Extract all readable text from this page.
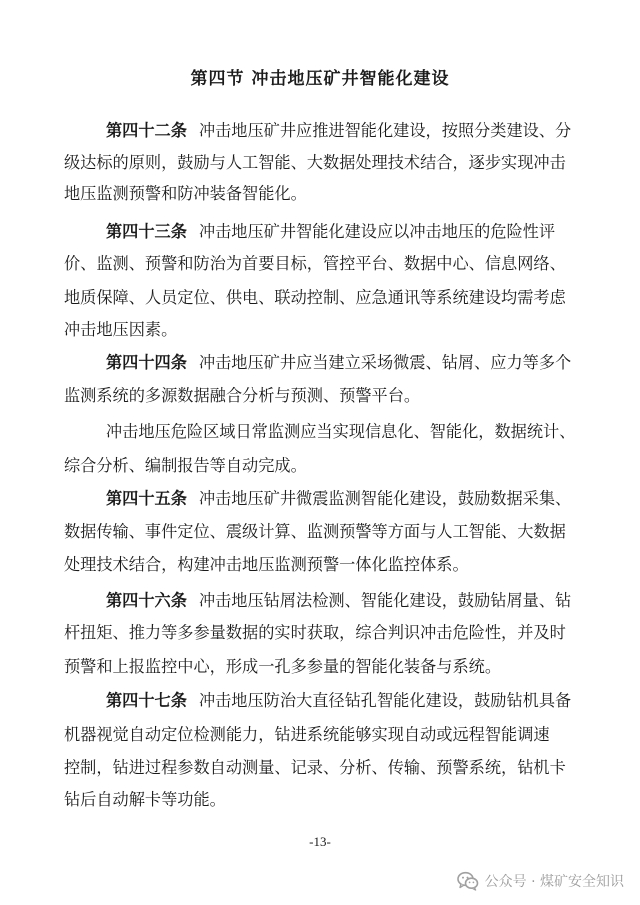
第四节 冲击地压矿井智能化建设
第四十二条 冲击地压矿井应推进智能化建设，按照分类建设、分
级达标的原则，鼓励与人工智能、大数据处理技术结合，逐步实现冲击
地压监测预警和防冲装备智能化。
第四十三条 冲击地压矿井智能化建设应以冲击地压的危险性评
价、监测、预警和防治为首要目标，管控平台、数据中心、信息网络、
地质保障、人员定位、供电、联动控制、应急通讯等系统建设均需考虑
冲击地压因素。
第四十四条 冲击地压矿井应当建立采场微震、钻屑、应力等多个
监测系统的多源数据融合分析与预测、预警平台。
冲击地压危险区域日常监测应当实现信息化、智能化，数据统计、
综合分析、编制报告等自动完成。
第四十五条 冲击地压矿井微震监测智能化建设，鼓励数据采集、
数据传输、事件定位、震级计算、监测预警等方面与人工智能、大数据
处理技术结合，构建冲击地压监测预警一体化监控体系。
第四十六条 冲击地压钻屑法检测、智能化建设，鼓励钻屑量、钻
杆扭矩、推力等多参量数据的实时获取，综合判识冲击危险性，并及时
预警和上报监控中心，形成一孔多参量的智能化装备与系统。
第四十七条 冲击地压防治大直径钻孔智能化建设，鼓励钻机具备
机器视觉自动定位检测能力，钻进系统能够实现自动或远程智能调速
控制，钻进过程参数自动测量、记录、分析、传输、预警系统，钻机卡
钻后自动解卡等功能。
-13-
公众号 · 煤矿安全知识
